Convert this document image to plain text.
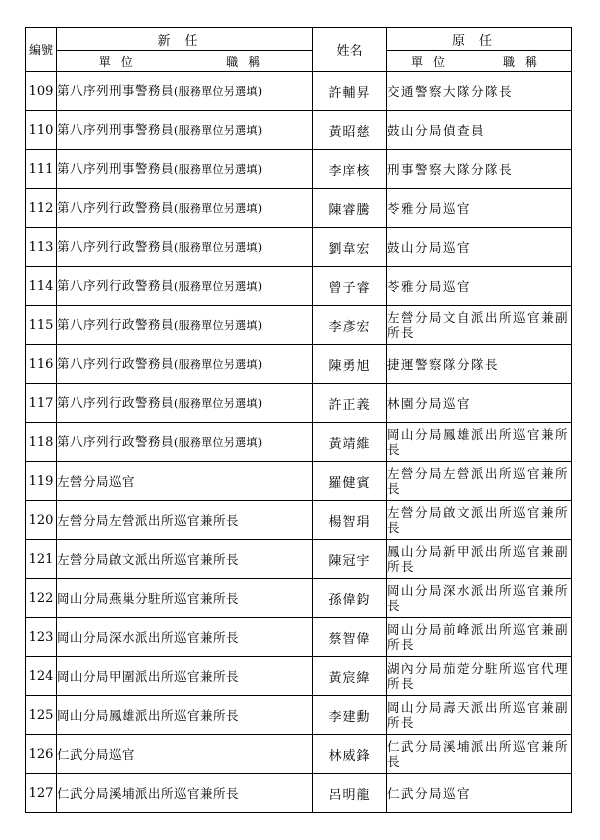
編號	新任	姓名	原任

	單位 職稱		單位 職稱

109	第八序列刑事警務員(服務單位另選填)	許輔昇	交通警察大隊分隊長
110	第八序列刑事警務員(服務單位另選填)	黃昭慈	鼓山分局偵查員
111	第八序列刑事警務員(服務單位另選填)	李庠核	刑事警察大隊分隊長
112	第八序列行政警務員(服務單位另選填)	陳睿騰	苓雅分局巡官
113	第八序列行政警務員(服務單位另選填)	劉韋宏	鼓山分局巡官
114	第八序列行政警務員(服務單位另選填)	曾子睿	苓雅分局巡官
115	第八序列行政警務員(服務單位另選填)	李彥宏	左營分局文自派出所巡官兼副所長
116	第八序列行政警務員(服務單位另選填)	陳勇旭	捷運警察隊分隊長
117	第八序列行政警務員(服務單位另選填)	許正義	林園分局巡官
118	第八序列行政警務員(服務單位另選填)	黃靖維	岡山分局鳳雄派出所巡官兼所長
119	左營分局巡官	羅健賓	左營分局左營派出所巡官兼所長
120	左營分局左營派出所巡官兼所長	楊智琄	左營分局啟文派出所巡官兼所長
121	左營分局啟文派出所巡官兼所長	陳冠宇	鳳山分局新甲派出所巡官兼副所長
122	岡山分局燕巢分駐所巡官兼所長	孫偉鈞	岡山分局深水派出所巡官兼所長
123	岡山分局深水派出所巡官兼所長	蔡智偉	岡山分局前峰派出所巡官兼副所長
124	岡山分局甲圍派出所巡官兼所長	黃宸緯	湖內分局茄萣分駐所巡官代理所長
125	岡山分局鳳雄派出所巡官兼所長	李建勳	岡山分局壽天派出所巡官兼副所長
126	仁武分局巡官	林威鋒	仁武分局溪埔派出所巡官兼所長
127	仁武分局溪埔派出所巡官兼所長	呂明龍	仁武分局巡官
